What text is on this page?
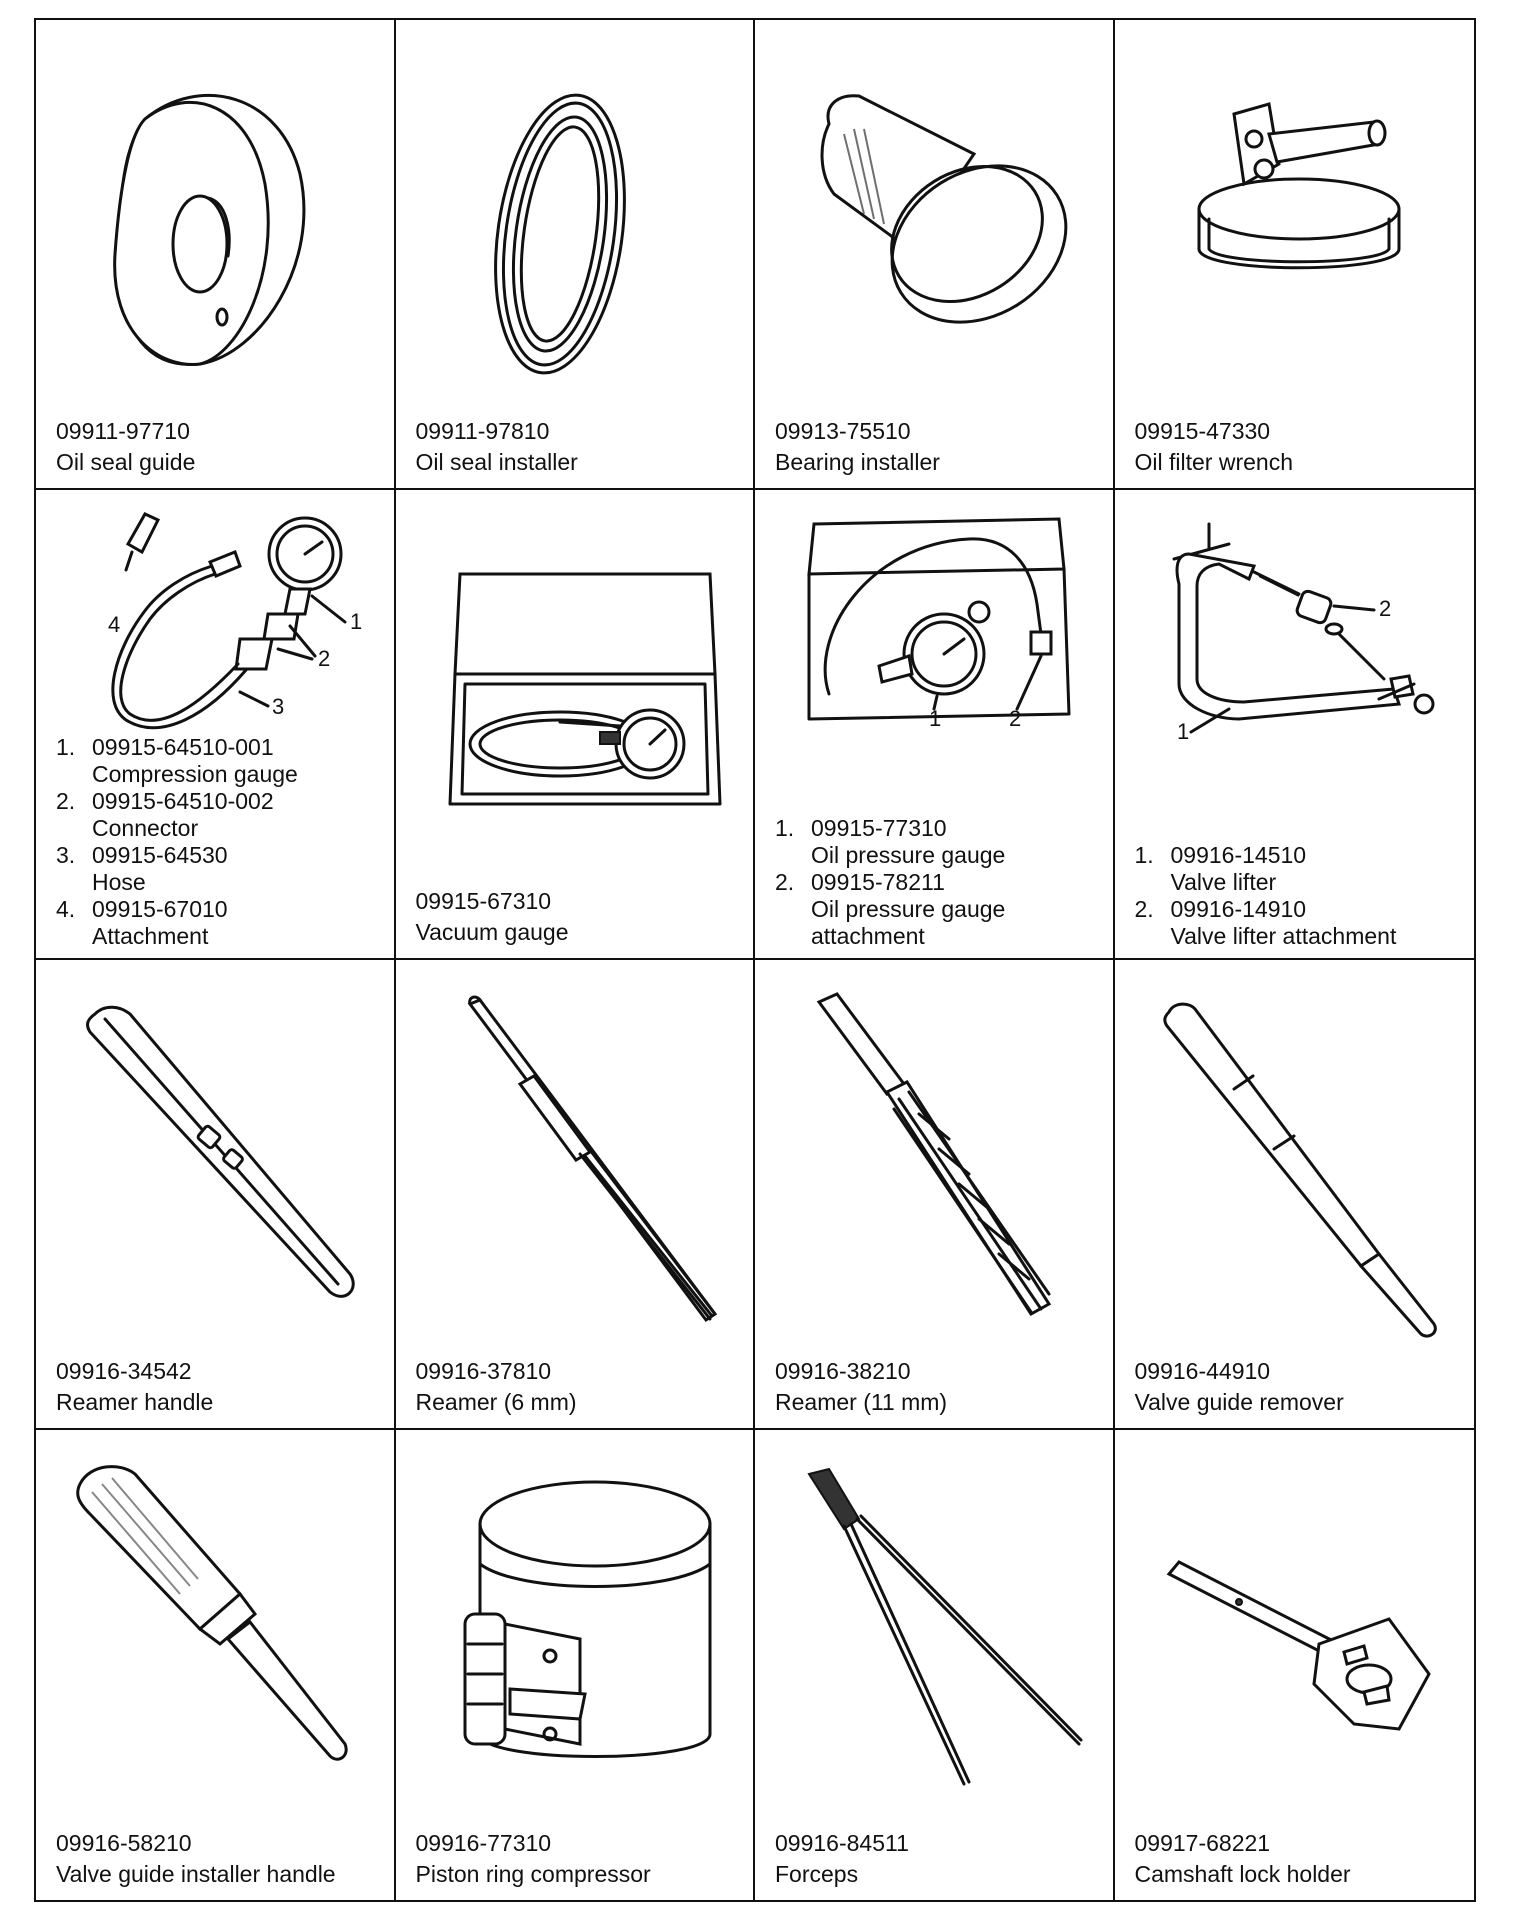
09911-97710
Oil seal guide
09911-97810
Oil seal installer
09913-75510
Bearing installer
09915-47330
Oil filter wrench
1
2
3
4
1. 09915-64510-001
Compression gauge
2. 09915-64510-002
Connector
3. 09915-64530
Hose
4. 09915-67010
Attachment
09915-67310
Vacuum gauge
1	2
1. 09915-77310
Oil pressure gauge
2. 09915-78211
Oil pressure gauge
attachment
2
1
1. 09916-14510
Valve lifter
2. 09916-14910
Valve lifter attachment
09916-34542
Reamer handle
09916-37810
Reamer (6 mm)
09916-38210
Reamer (11 mm)
09916-44910
Valve guide remover
09916-58210
Valve guide installer handle
09916-77310
Piston ring compressor
09916-84511
Forceps
09917-68221
Camshaft lock holder
